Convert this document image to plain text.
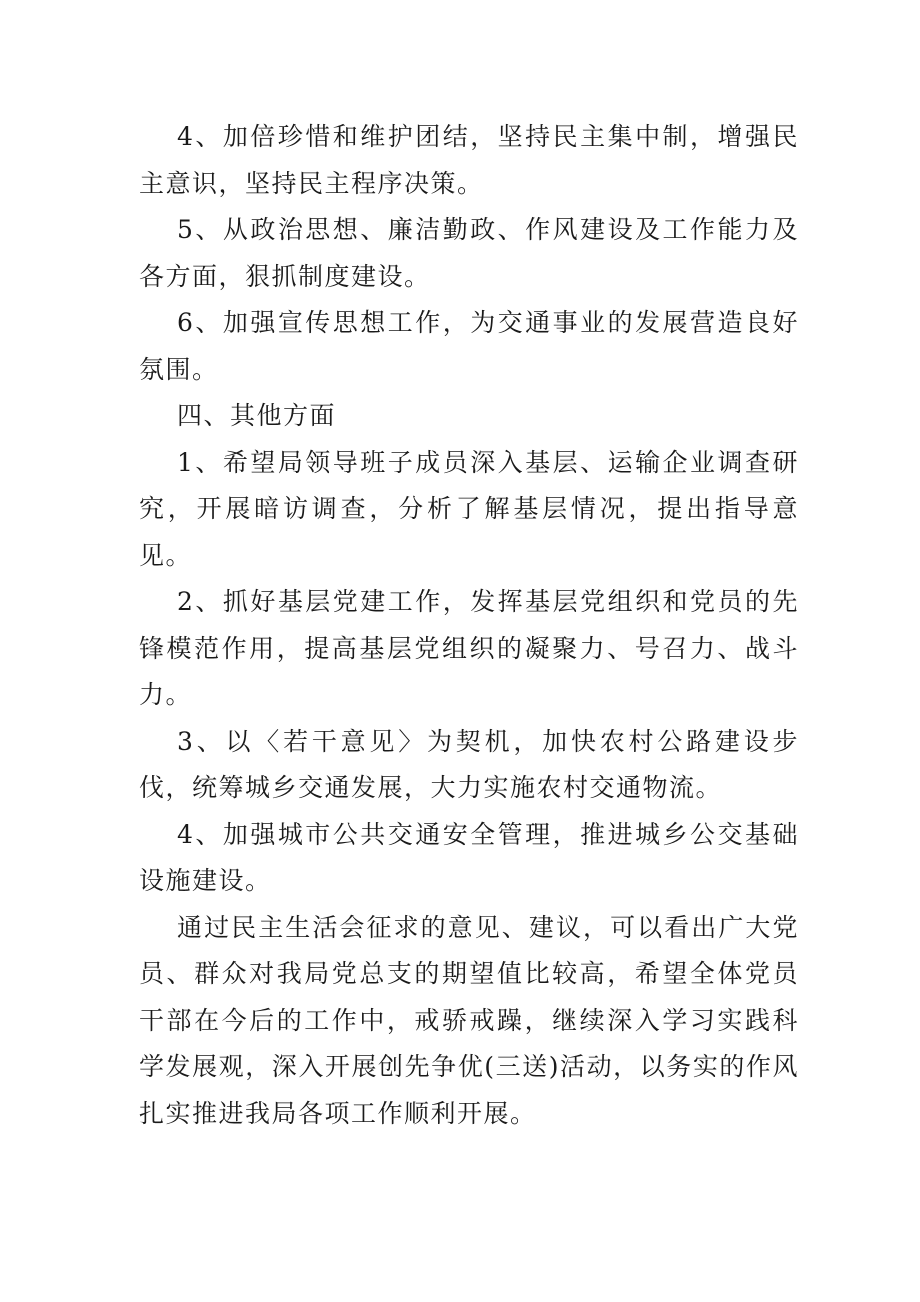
4、加倍珍惜和维护团结，坚持民主集中制，增强民主意识，坚持民主程序决策。

5、从政治思想、廉洁勤政、作风建设及工作能力及各方面，狠抓制度建设。

6、加强宣传思想工作，为交通事业的发展营造良好氛围。

四、其他方面

1、希望局领导班子成员深入基层、运输企业调查研究，开展暗访调查，分析了解基层情况，提出指导意见。

2、抓好基层党建工作，发挥基层党组织和党员的先锋模范作用，提高基层党组织的凝聚力、号召力、战斗力。

3、以〈若干意见〉为契机，加快农村公路建设步伐，统筹城乡交通发展，大力实施农村交通物流。

4、加强城市公共交通安全管理，推进城乡公交基础设施建设。

通过民主生活会征求的意见、建议，可以看出广大党员、群众对我局党总支的期望值比较高，希望全体党员干部在今后的工作中，戒骄戒躁，继续深入学习实践科学发展观，深入开展创先争优(三送)活动，以务实的作风扎实推进我局各项工作顺利开展。
